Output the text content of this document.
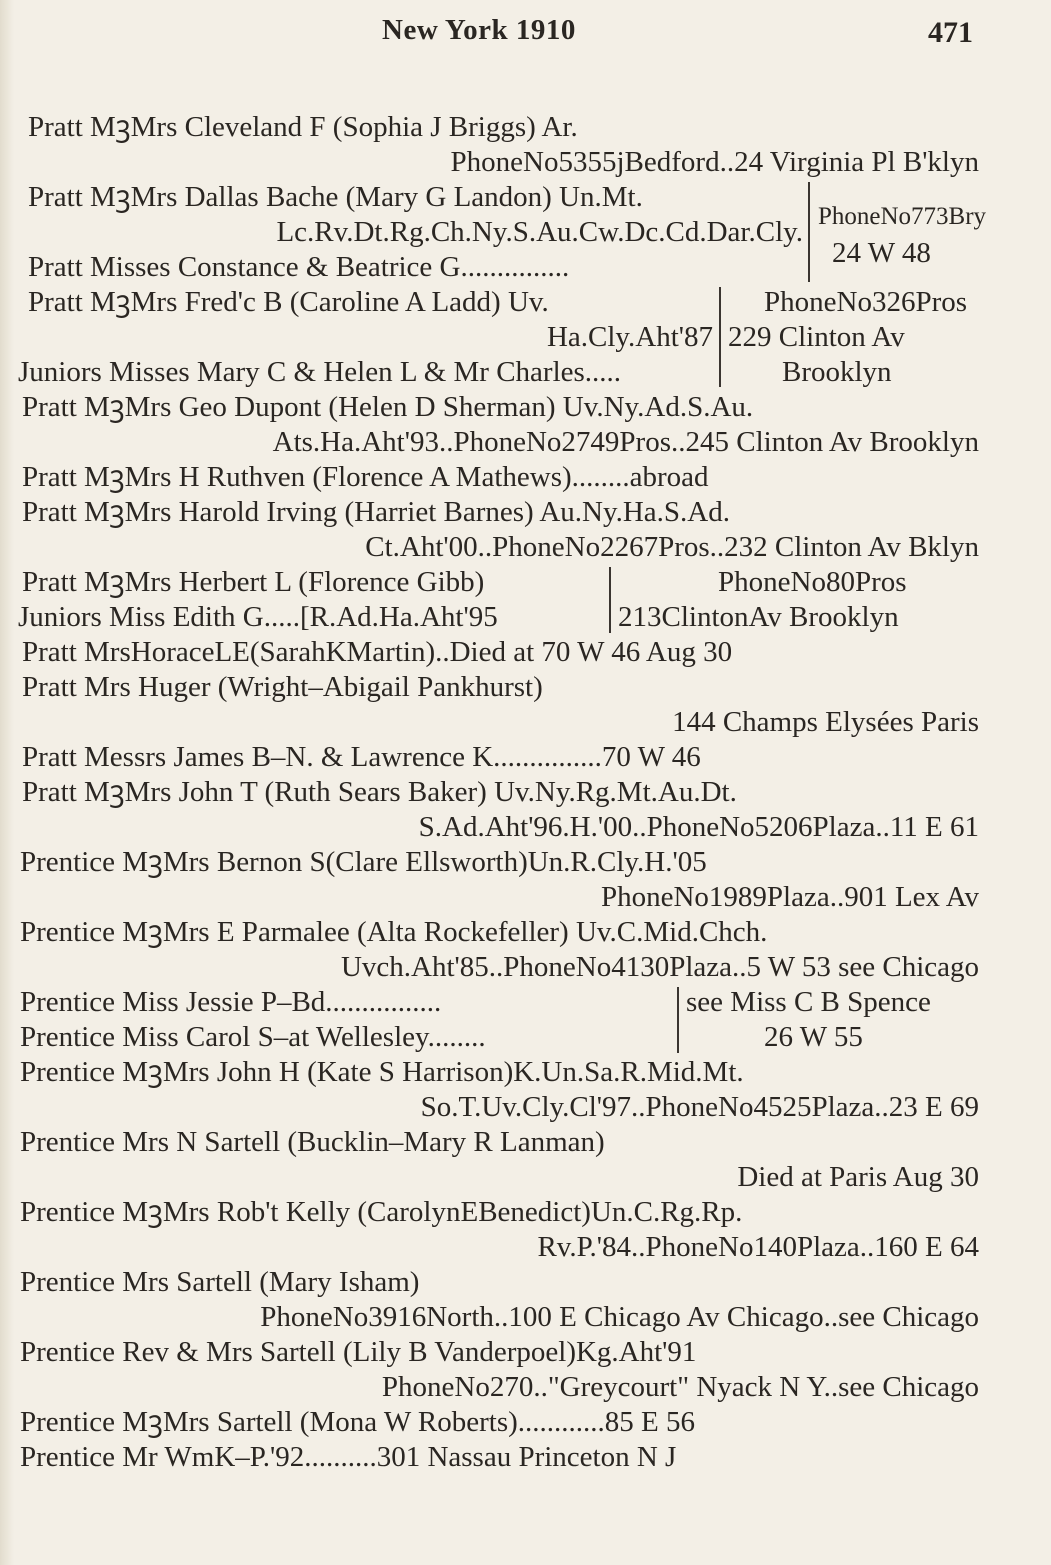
New York 1910	471
Pratt MꝫMrs Cleveland F (Sophia J Briggs) Ar.
PhoneNo5355jBedford..24 Virginia Pl B'klyn
Pratt MꝫMrs Dallas Bache (Mary G Landon) Un.Mt.
Lc.Rv.Dt.Rg.Ch.Ny.S.Au.Cw.Dc.Cd.Dar.Cly.
Pratt Misses Constance & Beatrice G...............
PhoneNo773Bry
24 W 48
Pratt MꝫMrs Fred'c B (Caroline A Ladd) Uv.
Ha.Cly.Aht'87
Juniors Misses Mary C & Helen L & Mr Charles.....
PhoneNo326Pros
229 Clinton Av
Brooklyn
Pratt MꝫMrs Geo Dupont (Helen D Sherman) Uv.Ny.Ad.S.Au.
Ats.Ha.Aht'93..PhoneNo2749Pros..245 Clinton Av Brooklyn
Pratt MꝫMrs H Ruthven (Florence A Mathews)........abroad
Pratt MꝫMrs Harold Irving (Harriet Barnes) Au.Ny.Ha.S.Ad.
Ct.Aht'00..PhoneNo2267Pros..232 Clinton Av Bklyn
Pratt MꝫMrs Herbert L (Florence Gibb)
Juniors Miss Edith G.....[R.Ad.Ha.Aht'95
PhoneNo80Pros
213ClintonAv Brooklyn
Pratt MrsHoraceLE(SarahKMartin)..Died at 70 W 46 Aug 30
Pratt Mrs Huger (Wright–Abigail Pankhurst)
144 Champs Elysées Paris
Pratt Messrs James B–N. & Lawrence K...............70 W 46
Pratt MꝫMrs John T (Ruth Sears Baker) Uv.Ny.Rg.Mt.Au.Dt.
S.Ad.Aht'96.H.'00..PhoneNo5206Plaza..11 E 61
Prentice MꝫMrs Bernon S(Clare Ellsworth)Un.R.Cly.H.'05
PhoneNo1989Plaza..901 Lex Av
Prentice MꝫMrs E Parmalee (Alta Rockefeller) Uv.C.Mid.Chch.
Uvch.Aht'85..PhoneNo4130Plaza..5 W 53 see Chicago
Prentice Miss Jessie P–Bd................
Prentice Miss Carol S–at Wellesley........
see Miss C B Spence
26 W 55
Prentice MꝫMrs John H (Kate S Harrison)K.Un.Sa.R.Mid.Mt.
So.T.Uv.Cly.Cl'97..PhoneNo4525Plaza..23 E 69
Prentice Mrs N Sartell (Bucklin–Mary R Lanman)
Died at Paris Aug 30
Prentice MꝫMrs Rob't Kelly (CarolynEBenedict)Un.C.Rg.Rp.
Rv.P.'84..PhoneNo140Plaza..160 E 64
Prentice Mrs Sartell (Mary Isham)
PhoneNo3916North..100 E Chicago Av Chicago..see Chicago
Prentice Rev & Mrs Sartell (Lily B Vanderpoel)Kg.Aht'91
PhoneNo270.."Greycourt" Nyack N Y..see Chicago
Prentice MꝫMrs Sartell (Mona W Roberts)............85 E 56
Prentice Mr WmK–P.'92..........301 Nassau Princeton N J
